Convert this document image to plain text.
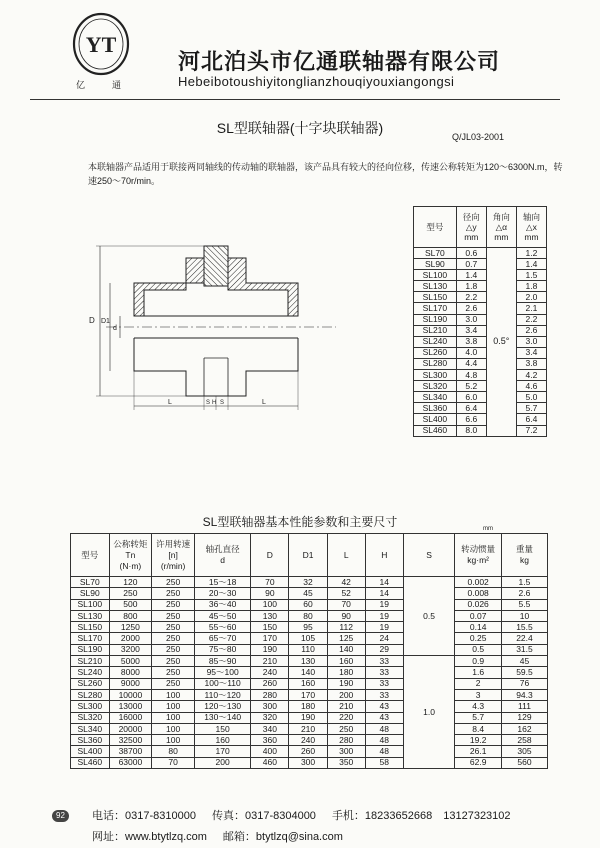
YT
亿	通
河北泊头市亿通联轴器有限公司
Hebeibotoushiyitonglianzhouqiyouxiangongsi
SL型联轴器(十字块联轴器)
Q/JL03-2001
本联轴器产品适用于联接两同轴线的传动轴的联轴器，该产品具有较大的径向位移，传速公称转矩为120～6300N.m，转速250～70r/min。
D D1
d
L	S H S	L
型号	径向
△y
mm	角向
△α
mm	轴向
△x
mm
SL70	0.6	0.5°	1.2
SL90	0.7		1.4
SL100	1.4		1.5
SL130	1.8		1.8
SL150	2.2		2.0
SL170	2.6		2.1
SL190	3.0		2.2
SL210	3.4		2.6
SL240	3.8		3.0
SL260	4.0		3.4
SL280	4.4		3.8
SL300	4.8		4.2
SL320	5.2		4.6
SL340	6.0		5.0
SL360	6.4		5.7
SL400	6.6		6.4
SL460	8.0		7.2
SL型联轴器基本性能参数和主要尺寸	mm
型号	公称转矩
Tn
(N·m)	许用转速
[n]
(r/min)	轴孔直径
d	D	D1	L	H	S	转动惯量
kg·m²	重量
kg
SL70	120	250	15～18	70	32	42	14	0.5	0.002	1.5
SL90	250	250	20～30	90	45	52	14		0.008	2.6
SL100	500	250	36～40	100	60	70	19		0.026	5.5
SL130	800	250	45～50	130	80	90	19		0.07	10
SL150	1250	250	55～60	150	95	112	19		0.14	15.5
SL170	2000	250	65～70	170	105	125	24		0.25	22.4
SL190	3200	250	75～80	190	110	140	29		0.5	31.5
SL210	5000	250	85～90	210	130	160	33	1.0	0.9	45
SL240	8000	250	95～100	240	140	180	33		1.6	59.5
SL260	9000	250	100～110	260	160	190	33		2	76
SL280	10000	100	110～120	280	170	200	33		3	94.3
SL300	13000	100	120～130	300	180	210	43		4.3	111
SL320	16000	100	130～140	320	190	220	43		5.7	129
SL340	20000	100	150	340	210	250	48		8.4	162
SL360	32500	100	160	360	240	280	48		19.2	258
SL400	38700	80	170	400	260	300	48		26.1	305
SL460	63000	70	200	460	300	350	58		62.9	560
92	电话：0317-8310000 传真：0317-8304000 手机：18233652668　13127323102
网址：www.btytlzq.com 邮箱：btytlzq@sina.com
